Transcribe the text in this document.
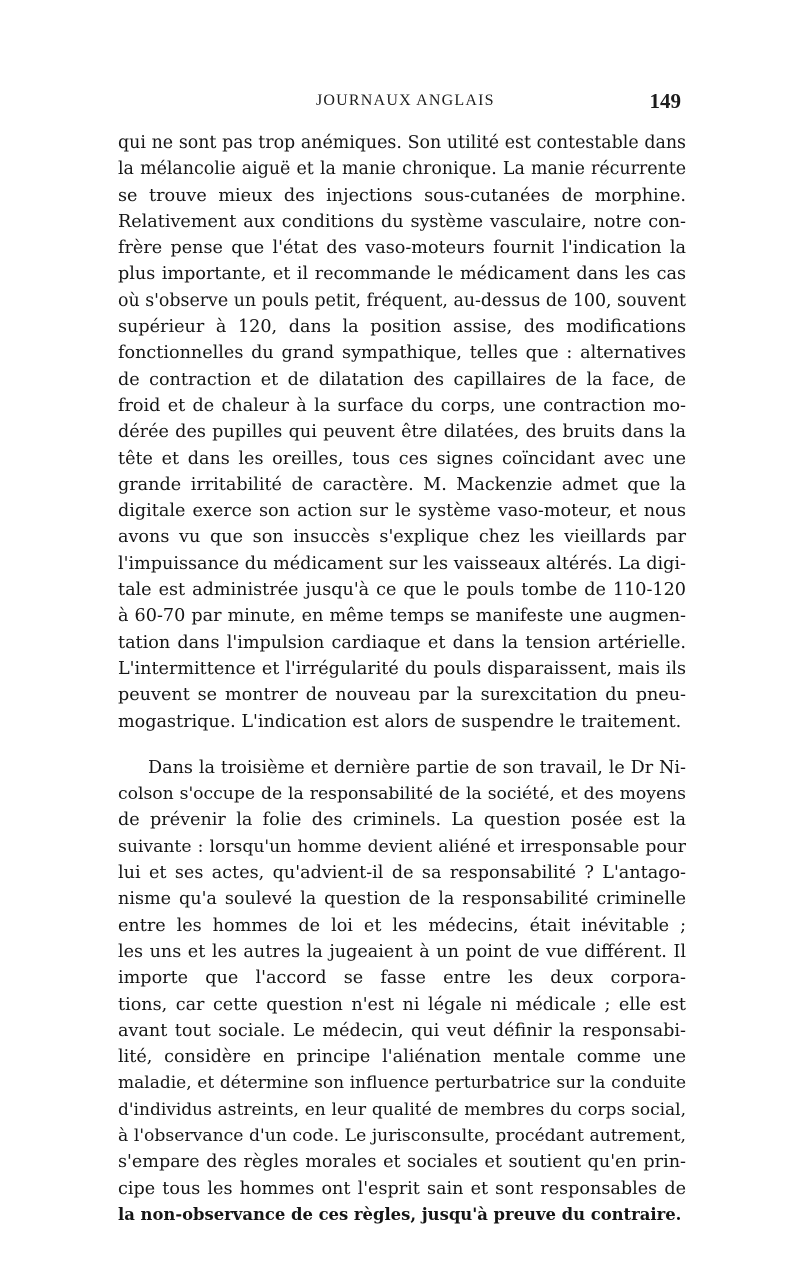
JOURNAUX ANGLAIS	149
qui ne sont pas trop anémiques. Son utilité est contestable dans
la mélancolie aiguë et la manie chronique. La manie récurrente
se trouve mieux des injections sous-cutanées de morphine.
Relativement aux conditions du système vasculaire, notre con-
frère pense que l'état des vaso-moteurs fournit l'indication la
plus importante, et il recommande le médicament dans les cas
où s'observe un pouls petit, fréquent, au-dessus de 100, souvent
supérieur à 120, dans la position assise, des modifications
fonctionnelles du grand sympathique, telles que : alternatives
de contraction et de dilatation des capillaires de la face, de
froid et de chaleur à la surface du corps, une contraction mo-
dérée des pupilles qui peuvent être dilatées, des bruits dans la
tête et dans les oreilles, tous ces signes coïncidant avec une
grande irritabilité de caractère. M. Mackenzie admet que la
digitale exerce son action sur le système vaso-moteur, et nous
avons vu que son insuccès s'explique chez les vieillards par
l'impuissance du médicament sur les vaisseaux altérés. La digi-
tale est administrée jusqu'à ce que le pouls tombe de 110-120
à 60-70 par minute, en même temps se manifeste une augmen-
tation dans l'impulsion cardiaque et dans la tension artérielle.
L'intermittence et l'irrégularité du pouls disparaissent, mais ils
peuvent se montrer de nouveau par la surexcitation du pneu-
mogastrique. L'indication est alors de suspendre le traitement.
Dans la troisième et dernière partie de son travail, le Dr Ni-
colson s'occupe de la responsabilité de la société, et des moyens
de prévenir la folie des criminels. La question posée est la
suivante : lorsqu'un homme devient aliéné et irresponsable pour
lui et ses actes, qu'advient-il de sa responsabilité ? L'antago-
nisme qu'a soulevé la question de la responsabilité criminelle
entre les hommes de loi et les médecins, était inévitable ;
les uns et les autres la jugeaient à un point de vue différent. Il
importe que l'accord se fasse entre les deux corpora-
tions, car cette question n'est ni légale ni médicale ; elle est
avant tout sociale. Le médecin, qui veut définir la responsabi-
lité, considère en principe l'aliénation mentale comme une
maladie, et détermine son influence perturbatrice sur la conduite
d'individus astreints, en leur qualité de membres du corps social,
à l'observance d'un code. Le jurisconsulte, procédant autrement,
s'empare des règles morales et sociales et soutient qu'en prin-
cipe tous les hommes ont l'esprit sain et sont responsables de
la non-observance de ces règles, jusqu'à preuve du contraire.
